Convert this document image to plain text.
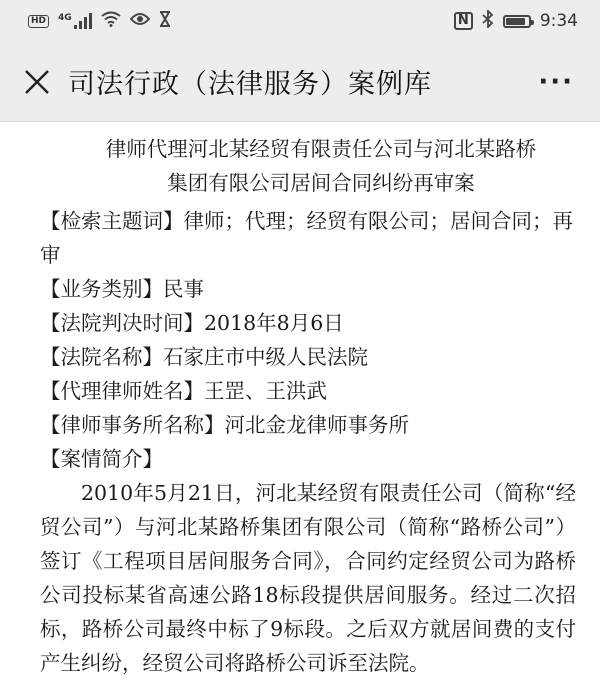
HD	4G	N	9:34
司法行政（法律服务）案例库	···
律师代理河北某经贸有限责任公司与河北某路桥
集团有限公司居间合同纠纷再审案

【检索主题词】律师；代理；经贸有限公司；居间合同；再审

【业务类别】民事

【法院判决时间】2018年8月6日

【法院名称】石家庄市中级人民法院

【代理律师姓名】王罡、王洪武

【律师事务所名称】河北金龙律师事务所

【案情简介】

2010年5月21日，河北某经贸有限责任公司（简称“经贸公司”）与河北某路桥集团有限公司（简称“路桥公司”）签订《工程项目居间服务合同》，合同约定经贸公司为路桥公司投标某省高速公路18标段提供居间服务。经过二次招标，路桥公司最终中标了9标段。之后双方就居间费的支付产生纠纷，经贸公司将路桥公司诉至法院。
